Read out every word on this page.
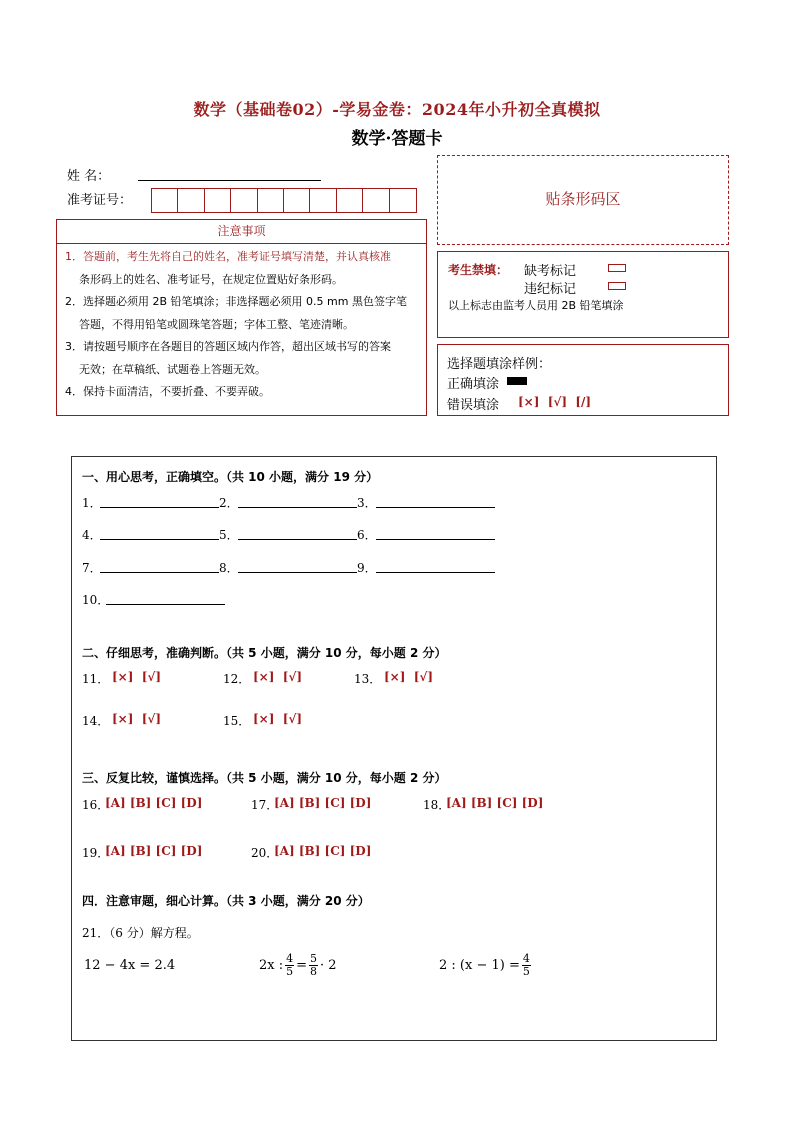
数学（基础卷02）-学易金卷：2024年小升初全真模拟
数学·答题卡
姓 名：
准考证号：	贴条形码区
注意事项
1．答题前，考生先将自己的姓名，准考证号填写清楚，并认真核准
条形码上的姓名、准考证号，在规定位置贴好条形码。
2．选择题必须用 2B 铅笔填涂；非选择题必须用 0.5 mm 黑色签字笔
答题，不得用铅笔或圆珠笔答题；字体工整、笔迹清晰。
3．请按题号顺序在各题目的答题区域内作答，超出区域书写的答案
无效；在草稿纸、试题卷上答题无效。
4．保持卡面清洁，不要折叠、不要弄破。
考生禁填： 缺考标记
违纪标记
以上标志由监考人员用 2B 铅笔填涂
选择题填涂样例：
正确填涂
错误填涂 [×]  [√]  [/]
一、用心思考，正确填空。（共 10 小题，满分 19 分）
1．	2．	3．
4．	5．	6．
7．	8．	9．
10．
二、仔细思考，准确判断。（共 5 小题，满分 10 分，每小题 2 分）
11． [×]  [√]	12． [×]  [√]	13． [×]  [√]
14． [×]  [√]	15． [×]  [√]
三、反复比较，谨慎选择。（共 5 小题，满分 10 分，每小题 2 分）
16．
[A] [B] [C] [D]	17．
[A] [B] [C] [D]	18．
[A] [B] [C] [D]
19．
[A] [B] [C] [D]	20．
[A] [B] [C] [D]
四．注意审题，细心计算。（共 3 小题，满分 20 分）
21．（6 分）解方程。
12 − 4x = 2.4	2x : $\frac{4}{5} = \frac{5}{8} \cdot 2$	2 : $(x - 1) = \frac{4}{5}$
